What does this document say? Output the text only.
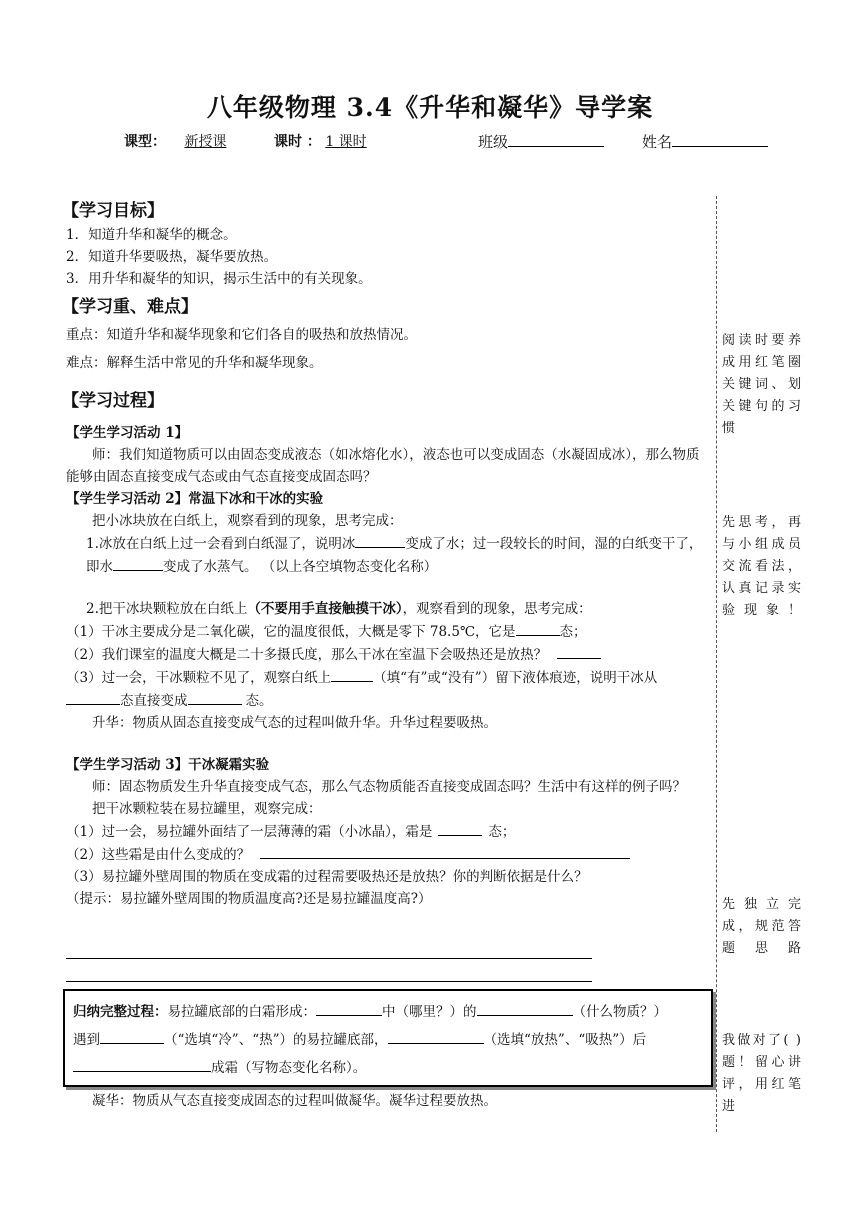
八年级物理 3.4《升华和凝华》导学案
课型： 新授课	课时 ： 1 课时	班级	姓名
【学习目标】

1．知道升华和凝华的概念。

2．知道升华要吸热，凝华要放热。

3．用升华和凝华的知识，揭示生活中的有关现象。

【学习重、难点】

重点：知道升华和凝华现象和它们各自的吸热和放热情况。

难点：解释生活中常见的升华和凝华现象。

【学习过程】

【学生学习活动 1】

师：我们知道物质可以由固态变成液态（如冰熔化水），液态也可以变成固态（水凝固成冰），那么物质能够由固态直接变成气态或由气态直接变成固态吗？

【学生学习活动 2】常温下冰和干冰的实验

把小冰块放在白纸上，观察看到的现象，思考完成：

1.冰放在白纸上过一会看到白纸湿了，说明冰	变成了水；过一段较长的时间，湿的白纸变干了，即水	变成了水蒸气。 （以上各空填物态变化名称）

2.把干冰块颗粒放在白纸上（不要用手直接触摸干冰），观察看到的现象，思考完成：

（1）干冰主要成分是二氧化碳，它的温度很低，大概是零下 78.5℃，它是	态；

（2）我们课室的温度大概是二十多摄氏度，那么干冰在室温下会吸热还是放热？

（3）过一会，干冰颗粒不见了，观察白纸上	（填“有”或“没有”）留下液体痕迹，说明干冰从态直接变成	态。

升华：物质从固态直接变成气态的过程叫做升华。升华过程要吸热。

【学生学习活动 3】干冰凝霜实验

师：固态物质发生升华直接变成气态，那么气态物质能否直接变成固态吗？生活中有这样的例子吗？

把干冰颗粒装在易拉罐里，观察完成：

（1）过一会，易拉罐外面结了一层薄薄的霜（小冰晶），霜是	态；

（2）这些霜是由什么变成的？

（3）易拉罐外壁周围的物质在变成霜的过程需要吸热还是放热？你的判断依据是什么？

（提示：易拉罐外壁周围的物质温度高?还是易拉罐温度高?）

归纳完整过程：易拉罐底部的白霜形成：	中（哪里？）的	（什么物质？）
遇到	（“选填“冷”、“热”）的易拉罐底部，	（选填“放热”、“吸热”）后
成霜（写物态变化名称）。
凝华：物质从气态直接变成固态的过程叫做凝华。凝华过程要放热。
阅读时要养成用红笔圈关键词、划关键句的习惯
先思考，再与小组成员交流看法，认真记录实验现象！
先独立完成，规范答题思路
我做对了( )题！留心讲评，用红笔进
